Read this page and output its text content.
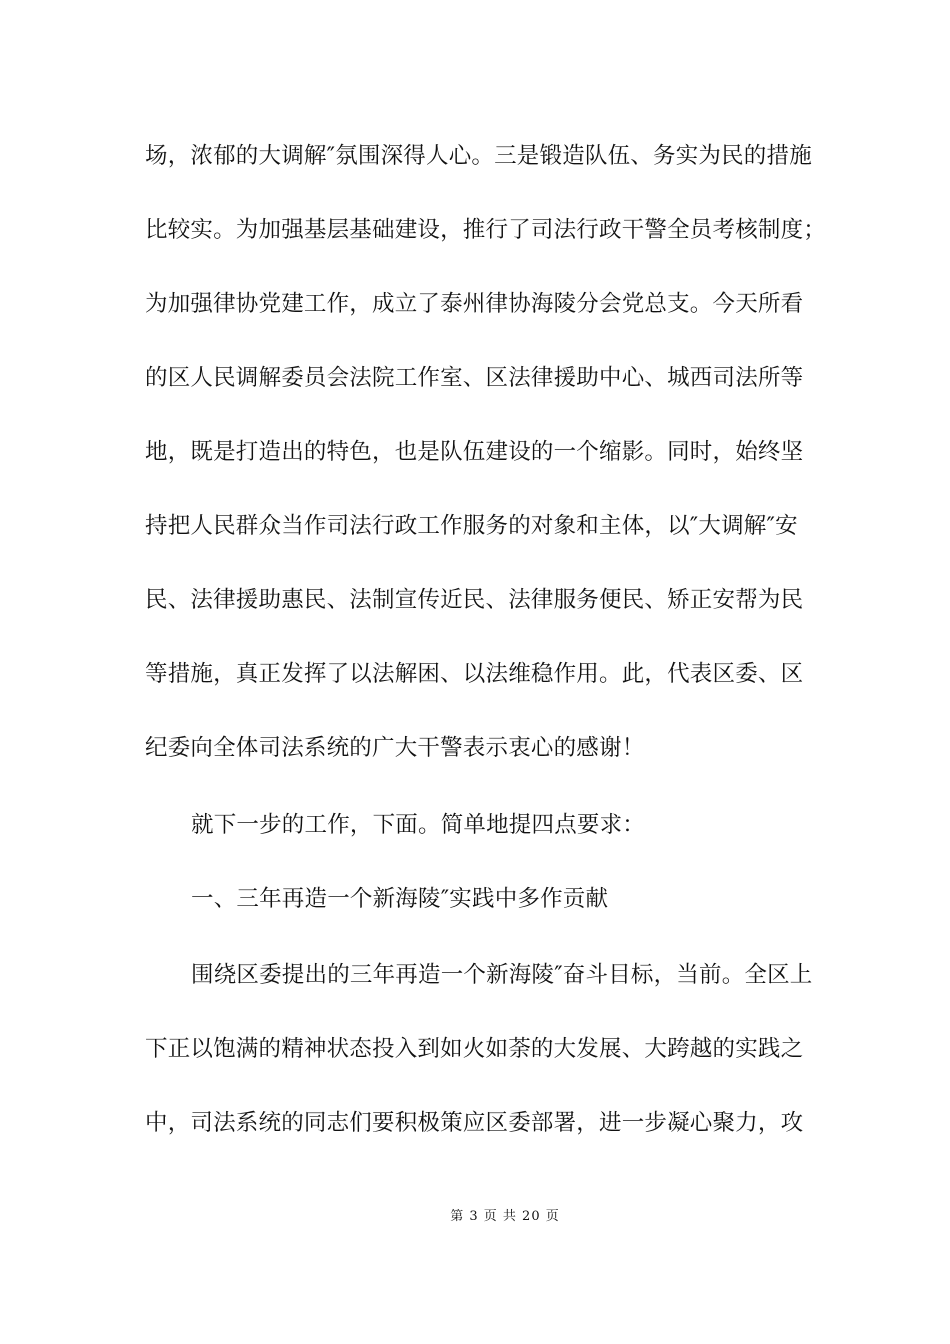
场，浓郁的大调解″氛围深得人心。三是锻造队伍、务实为民的措施
比较实。为加强基层基础建设，推行了司法行政干警全员考核制度；
为加强律协党建工作，成立了泰州律协海陵分会党总支。今天所看
的区人民调解委员会法院工作室、区法律援助中心、城西司法所等
地，既是打造出的特色，也是队伍建设的一个缩影。同时，始终坚
持把人民群众当作司法行政工作服务的对象和主体，以″大调解″安
民、法律援助惠民、法制宣传近民、法律服务便民、矫正安帮为民
等措施，真正发挥了以法解困、以法维稳作用。此，代表区委、区
纪委向全体司法系统的广大干警表示衷心的感谢！
就下一步的工作，下面。简单地提四点要求：
一、三年再造一个新海陵″实践中多作贡献
围绕区委提出的三年再造一个新海陵″奋斗目标，当前。全区上
下正以饱满的精神状态投入到如火如荼的大发展、大跨越的实践之
中，司法系统的同志们要积极策应区委部署，进一步凝心聚力，攻
第 3 页 共 20 页
